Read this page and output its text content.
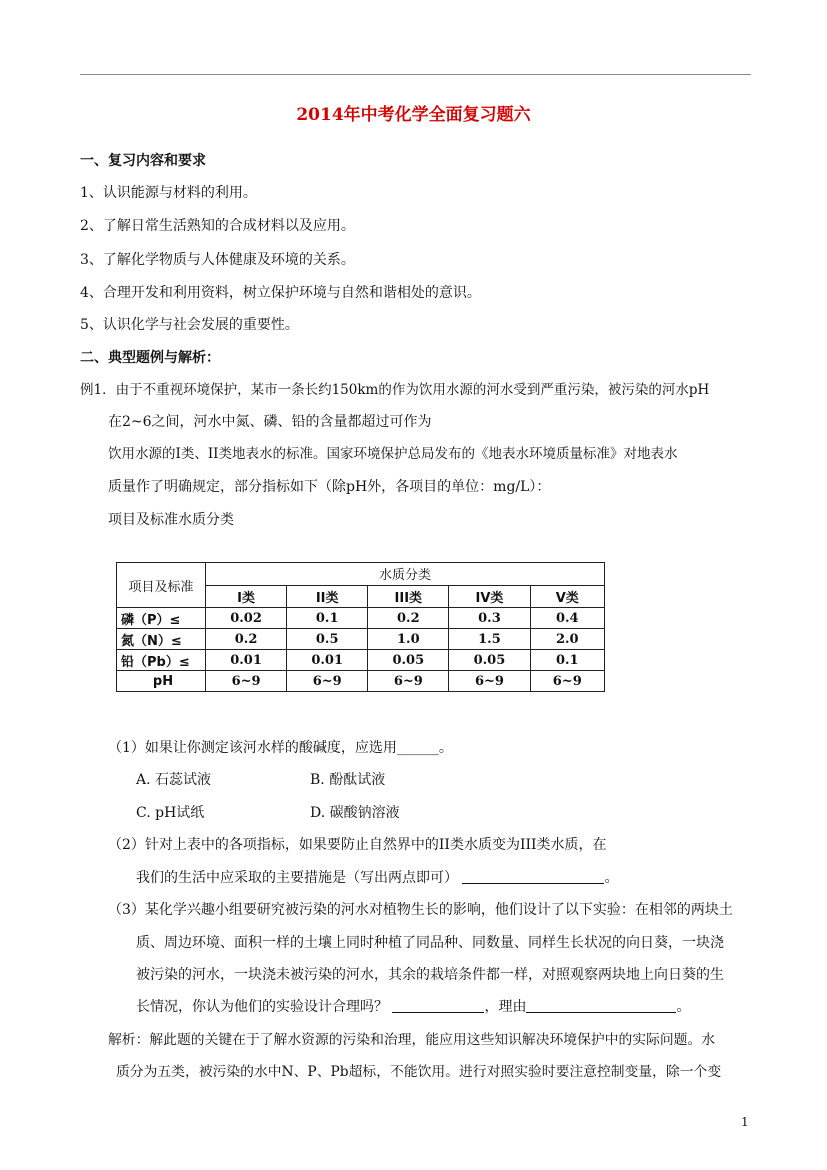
2014年中考化学全面复习题六
一、复习内容和要求
1、认识能源与材料的利用。
2、了解日常生活熟知的合成材料以及应用。
3、了解化学物质与人体健康及环境的关系。
4、合理开发和利用资料，树立保护环境与自然和谐相处的意识。
5、认识化学与社会发展的重要性。
二、典型题例与解析：
例1．由于不重视环境保护，某市一条长约150km的作为饮用水源的河水受到严重污染，被污染的河水pH
在2~6之间，河水中氮、磷、铅的含量都超过可作为
饮用水源的I类、II类地表水的标准。国家环境保护总局发布的《地表水环境质量标准》对地表水
质量作了明确规定，部分指标如下（除pH外，各项目的单位：mg/L）：
项目及标准水质分类
项目及标准	水质分类				
	I类	II类	III类	IV类	V类
磷（P）≤	0.02	0.1	0.2	0.3	0.4
氮（N）≤	0.2	0.5	1.0	1.5	2.0
铅（Pb）≤	0.01	0.01	0.05	0.05	0.1
pH	6~9	6~9	6~9	6~9	6~9
（1）如果让你测定该河水样的酸碱度，应选用______。
A. 石蕊试液	B. 酚酞试液
C. pH试纸	D. 碳酸钠溶液
（2）针对上表中的各项指标，如果要防止自然界中的II类水质变为III类水质，在
我们的生活中应采取的主要措施是（写出两点即可）	。
（3）某化学兴趣小组要研究被污染的河水对植物生长的影响，他们设计了以下实验：在相邻的两块土
质、周边环境、面积一样的土壤上同时种植了同品种、同数量、同样生长状况的向日葵，一块浇
被污染的河水，一块浇未被污染的河水，其余的栽培条件都一样，对照观察两块地上向日葵的生
长情况，你认为他们的实验设计合理吗？	，理由	。
解析：解此题的关键在于了解水资源的污染和治理，能应用这些知识解决环境保护中的实际问题。水
质分为五类，被污染的水中N、P、Pb超标，不能饮用。进行对照实验时要注意控制变量，除一个变
1
